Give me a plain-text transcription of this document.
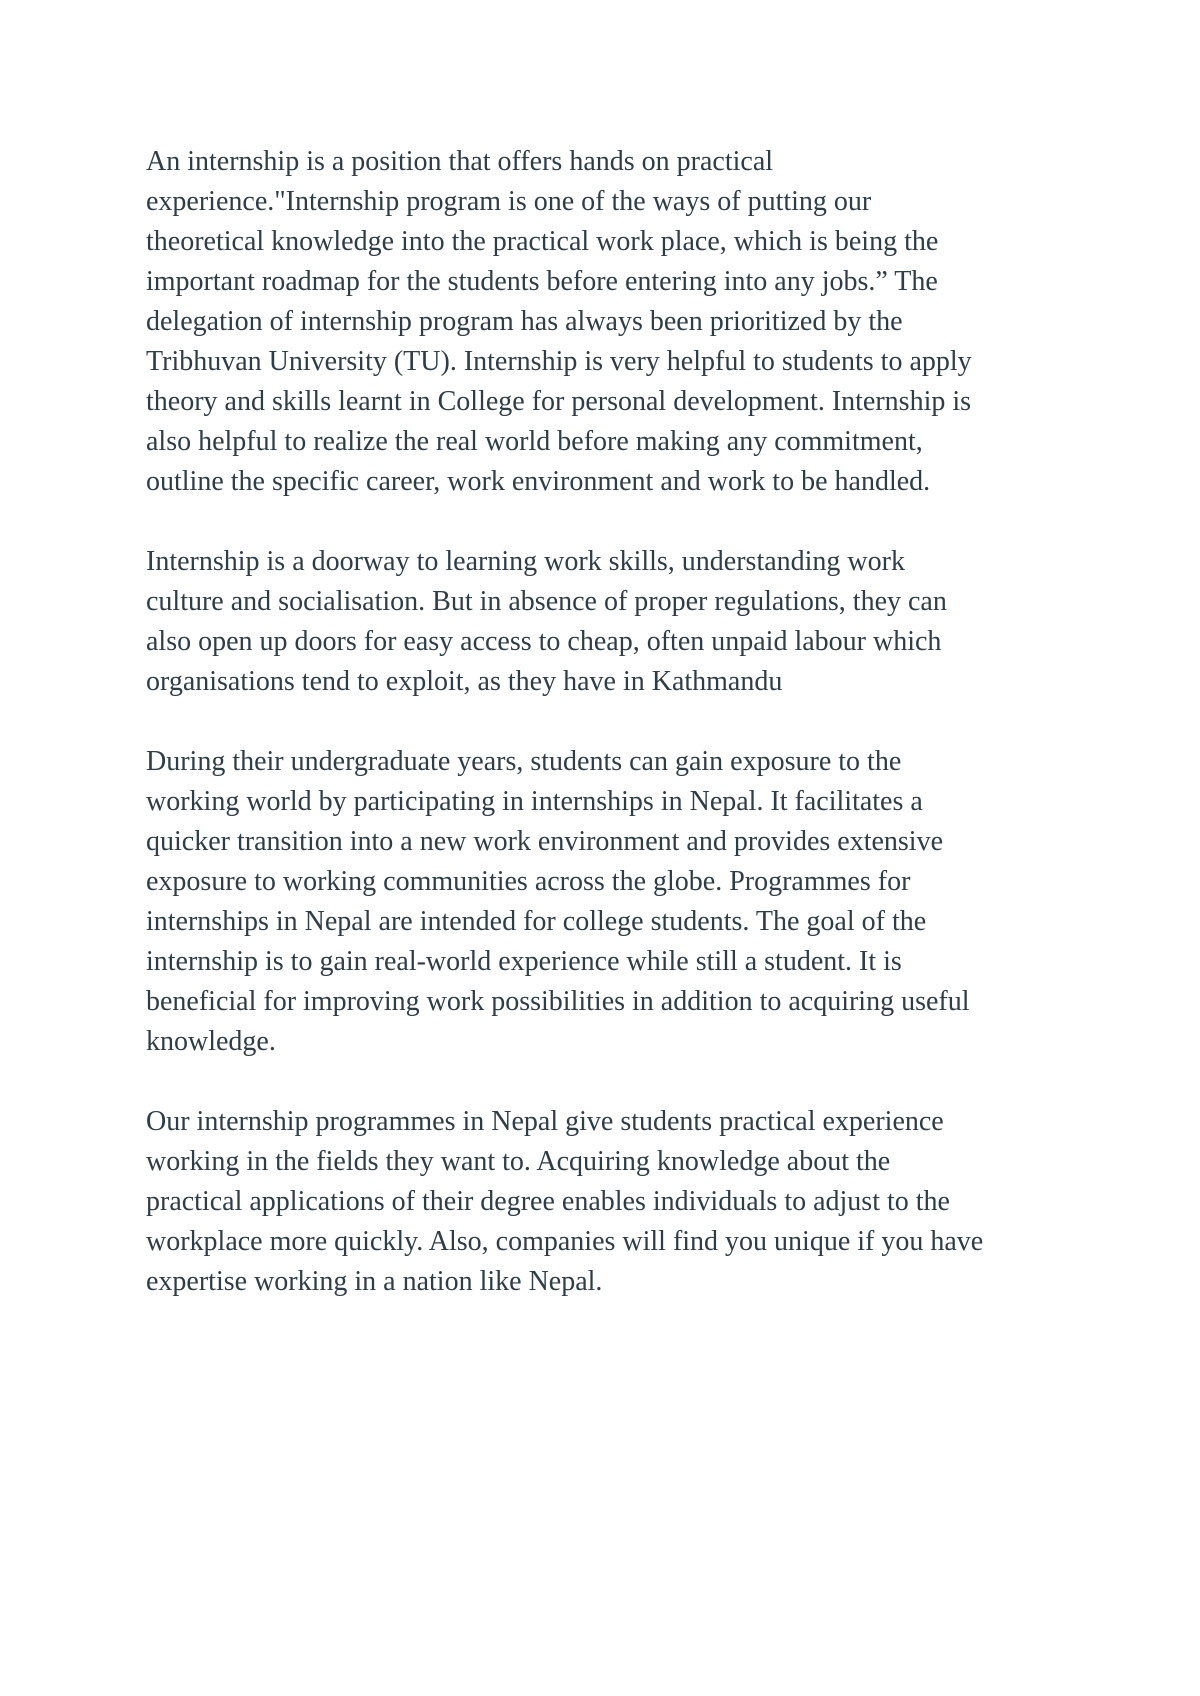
An internship is a position that offers hands on practical
experience."Internship program is one of the ways of putting our
theoretical knowledge into the practical work place, which is being the
important roadmap for the students before entering into any jobs.” The
delegation of internship program has always been prioritized by the
Tribhuvan University (TU). Internship is very helpful to students to apply
theory and skills learnt in College for personal development. Internship is
also helpful to realize the real world before making any commitment,
outline the specific career, work environment and work to be handled.

Internship is a doorway to learning work skills, understanding work
culture and socialisation. But in absence of proper regulations, they can
also open up doors for easy access to cheap, often unpaid labour which
organisations tend to exploit, as they have in Kathmandu

During their undergraduate years, students can gain exposure to the
working world by participating in internships in Nepal. It facilitates a
quicker transition into a new work environment and provides extensive
exposure to working communities across the globe. Programmes for
internships in Nepal are intended for college students. The goal of the
internship is to gain real-world experience while still a student. It is
beneficial for improving work possibilities in addition to acquiring useful
knowledge.

Our internship programmes in Nepal give students practical experience
working in the fields they want to. Acquiring knowledge about the
practical applications of their degree enables individuals to adjust to the
workplace more quickly. Also, companies will find you unique if you have
expertise working in a nation like Nepal.
